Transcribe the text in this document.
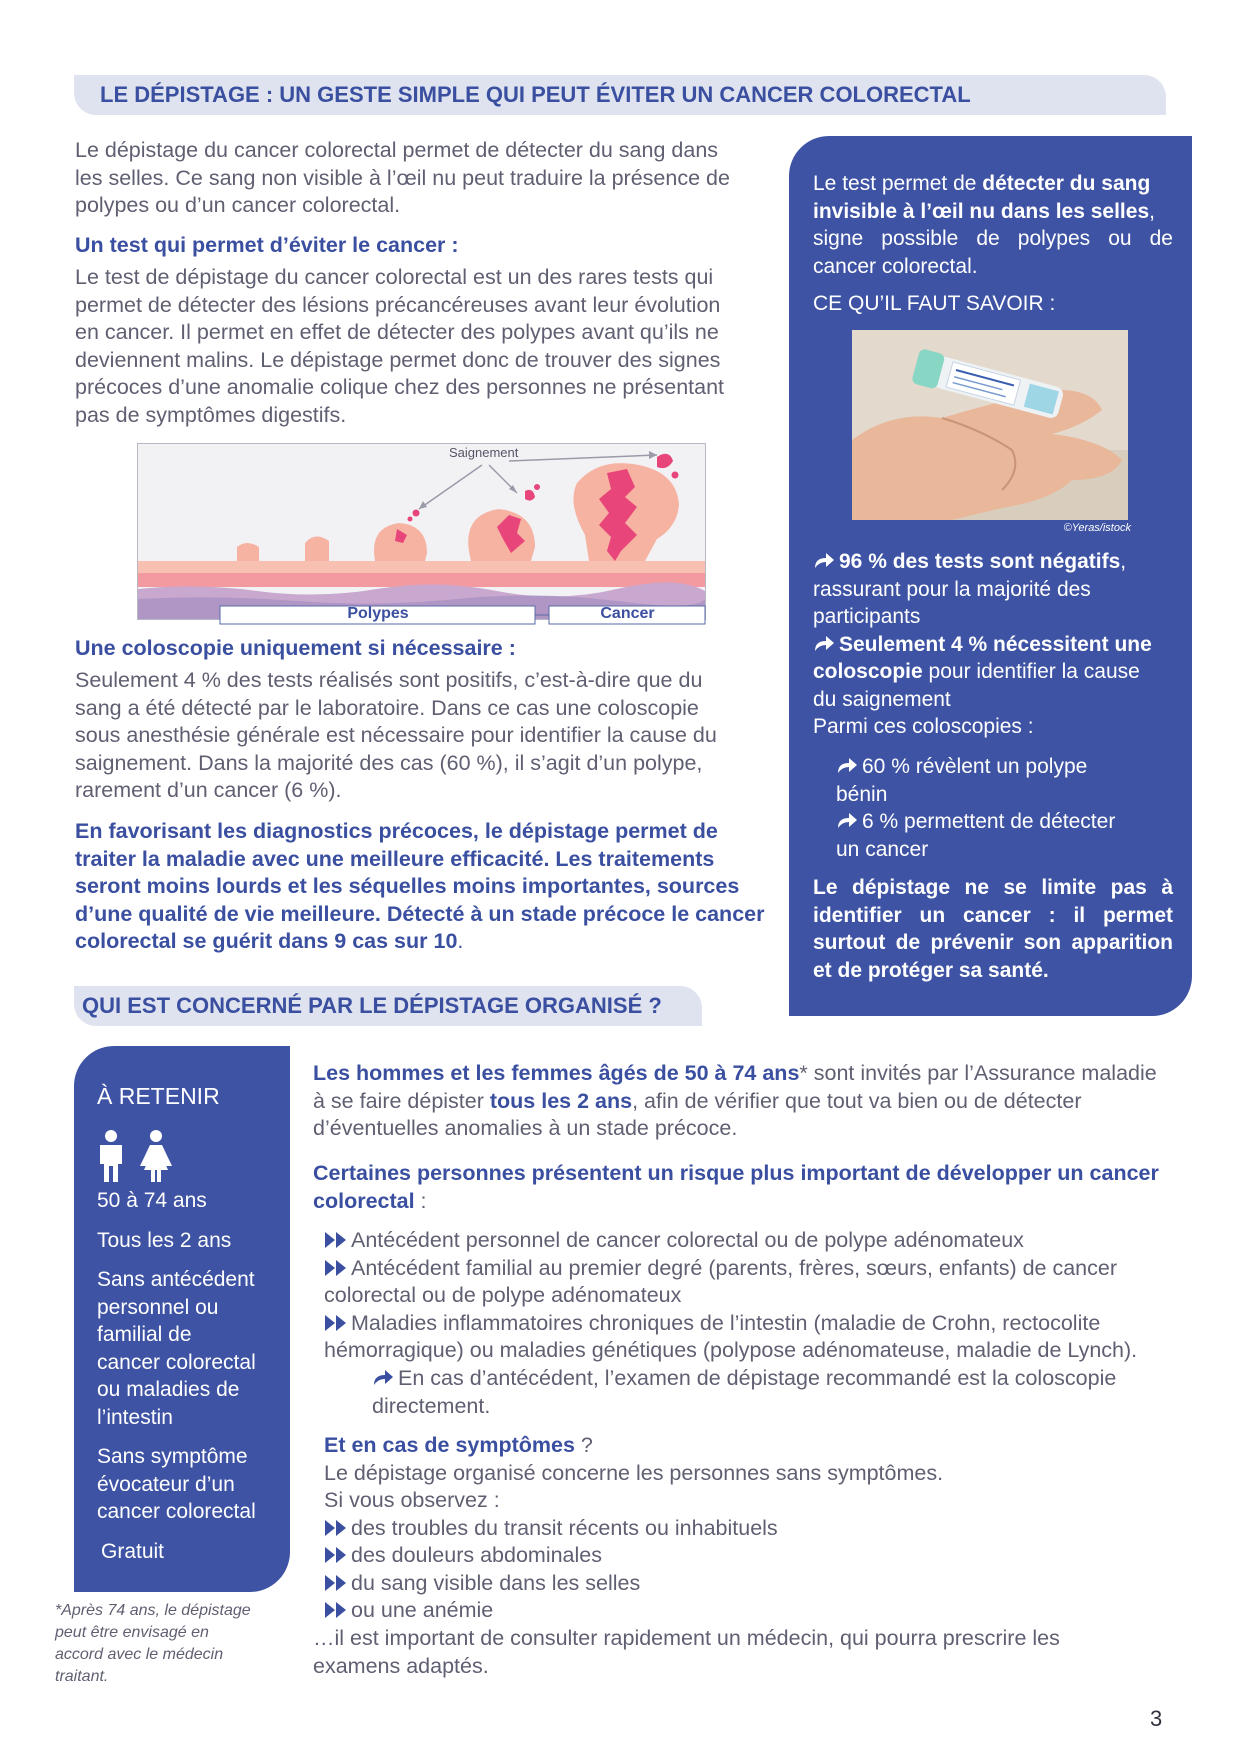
LE DÉPISTAGE : UN GESTE SIMPLE QUI PEUT ÉVITER UN CANCER COLORECTAL
Le dépistage du cancer colorectal permet de détecter du sang dans
les selles. Ce sang non visible à l’œil nu peut traduire la présence de
polypes ou d’un cancer colorectal.
Un test qui permet d’éviter le cancer :
Le test de dépistage du cancer colorectal est un des rares tests qui
permet de détecter des lésions précancéreuses avant leur évolution
en cancer. Il permet en effet de détecter des polypes avant qu’ils ne
deviennent malins. Le dépistage permet donc de trouver des signes
précoces d’une anomalie colique chez des personnes ne présentant
pas de symptômes digestifs.
Saignement
Polypes	Cancer
Une coloscopie uniquement si nécessaire :
Seulement 4 % des tests réalisés sont positifs, c’est-à-dire que du
sang a été détecté par le laboratoire. Dans ce cas une coloscopie
sous anesthésie générale est nécessaire pour identifier la cause du
saignement. Dans la majorité des cas (60 %), il s’agit d’un polype,
rarement d’un cancer (6 %).
En favorisant les diagnostics précoces, le dépistage permet de
traiter la maladie avec une meilleure efficacité. Les traitements
seront moins lourds et les séquelles moins importantes, sources
d’une qualité de vie meilleure. Détecté à un stade précoce le cancer
colorectal se guérit dans 9 cas sur 10.
Le test permet de détecter du sang
invisible à l’œil nu dans les selles,
signe possible de polypes ou de
cancer colorectal.
CE QU’IL FAUT SAVOIR :
©Yeras/istock
96 % des tests sont négatifs,
rassurant pour la majorité des
participants
Seulement 4 % nécessitent une
coloscopie pour identifier la cause
du saignement
Parmi ces coloscopies :
60 % révèlent un polype
bénin
6 % permettent de détecter
un cancer
Le dépistage ne se limite pas à
identifier un cancer : il permet
surtout de prévenir son apparition
et de protéger sa santé.
QUI EST CONCERNÉ PAR LE DÉPISTAGE ORGANISÉ ?
À RETENIR
50 à 74 ans
Tous les 2 ans
Sans antécédent
personnel ou
familial de
cancer colorectal
ou maladies de
l’intestin
Sans symptôme
évocateur d’un
cancer colorectal
Gratuit
*Après 74 ans, le dépistage
peut être envisagé en
accord avec le médecin
traitant.
Les hommes et les femmes âgés de 50 à 74 ans* sont invités par l’Assurance maladie
à se faire dépister tous les 2 ans, afin de vérifier que tout va bien ou de détecter
d’éventuelles anomalies à un stade précoce.
Certaines personnes présentent un risque plus important de développer un cancer
colorectal :
Antécédent personnel de cancer colorectal ou de polype adénomateux
Antécédent familial au premier degré (parents, frères, sœurs, enfants) de cancer
colorectal ou de polype adénomateux
Maladies inflammatoires chroniques de l’intestin (maladie de Crohn, rectocolite
hémorragique) ou maladies génétiques (polypose adénomateuse, maladie de Lynch).
En cas d’antécédent, l’examen de dépistage recommandé est la coloscopie
directement.
Et en cas de symptômes ?
Le dépistage organisé concerne les personnes sans symptômes.
Si vous observez :
des troubles du transit récents ou inhabituels
des douleurs abdominales
du sang visible dans les selles
ou une anémie
…il est important de consulter rapidement un médecin, qui pourra prescrire les
examens adaptés.
3
